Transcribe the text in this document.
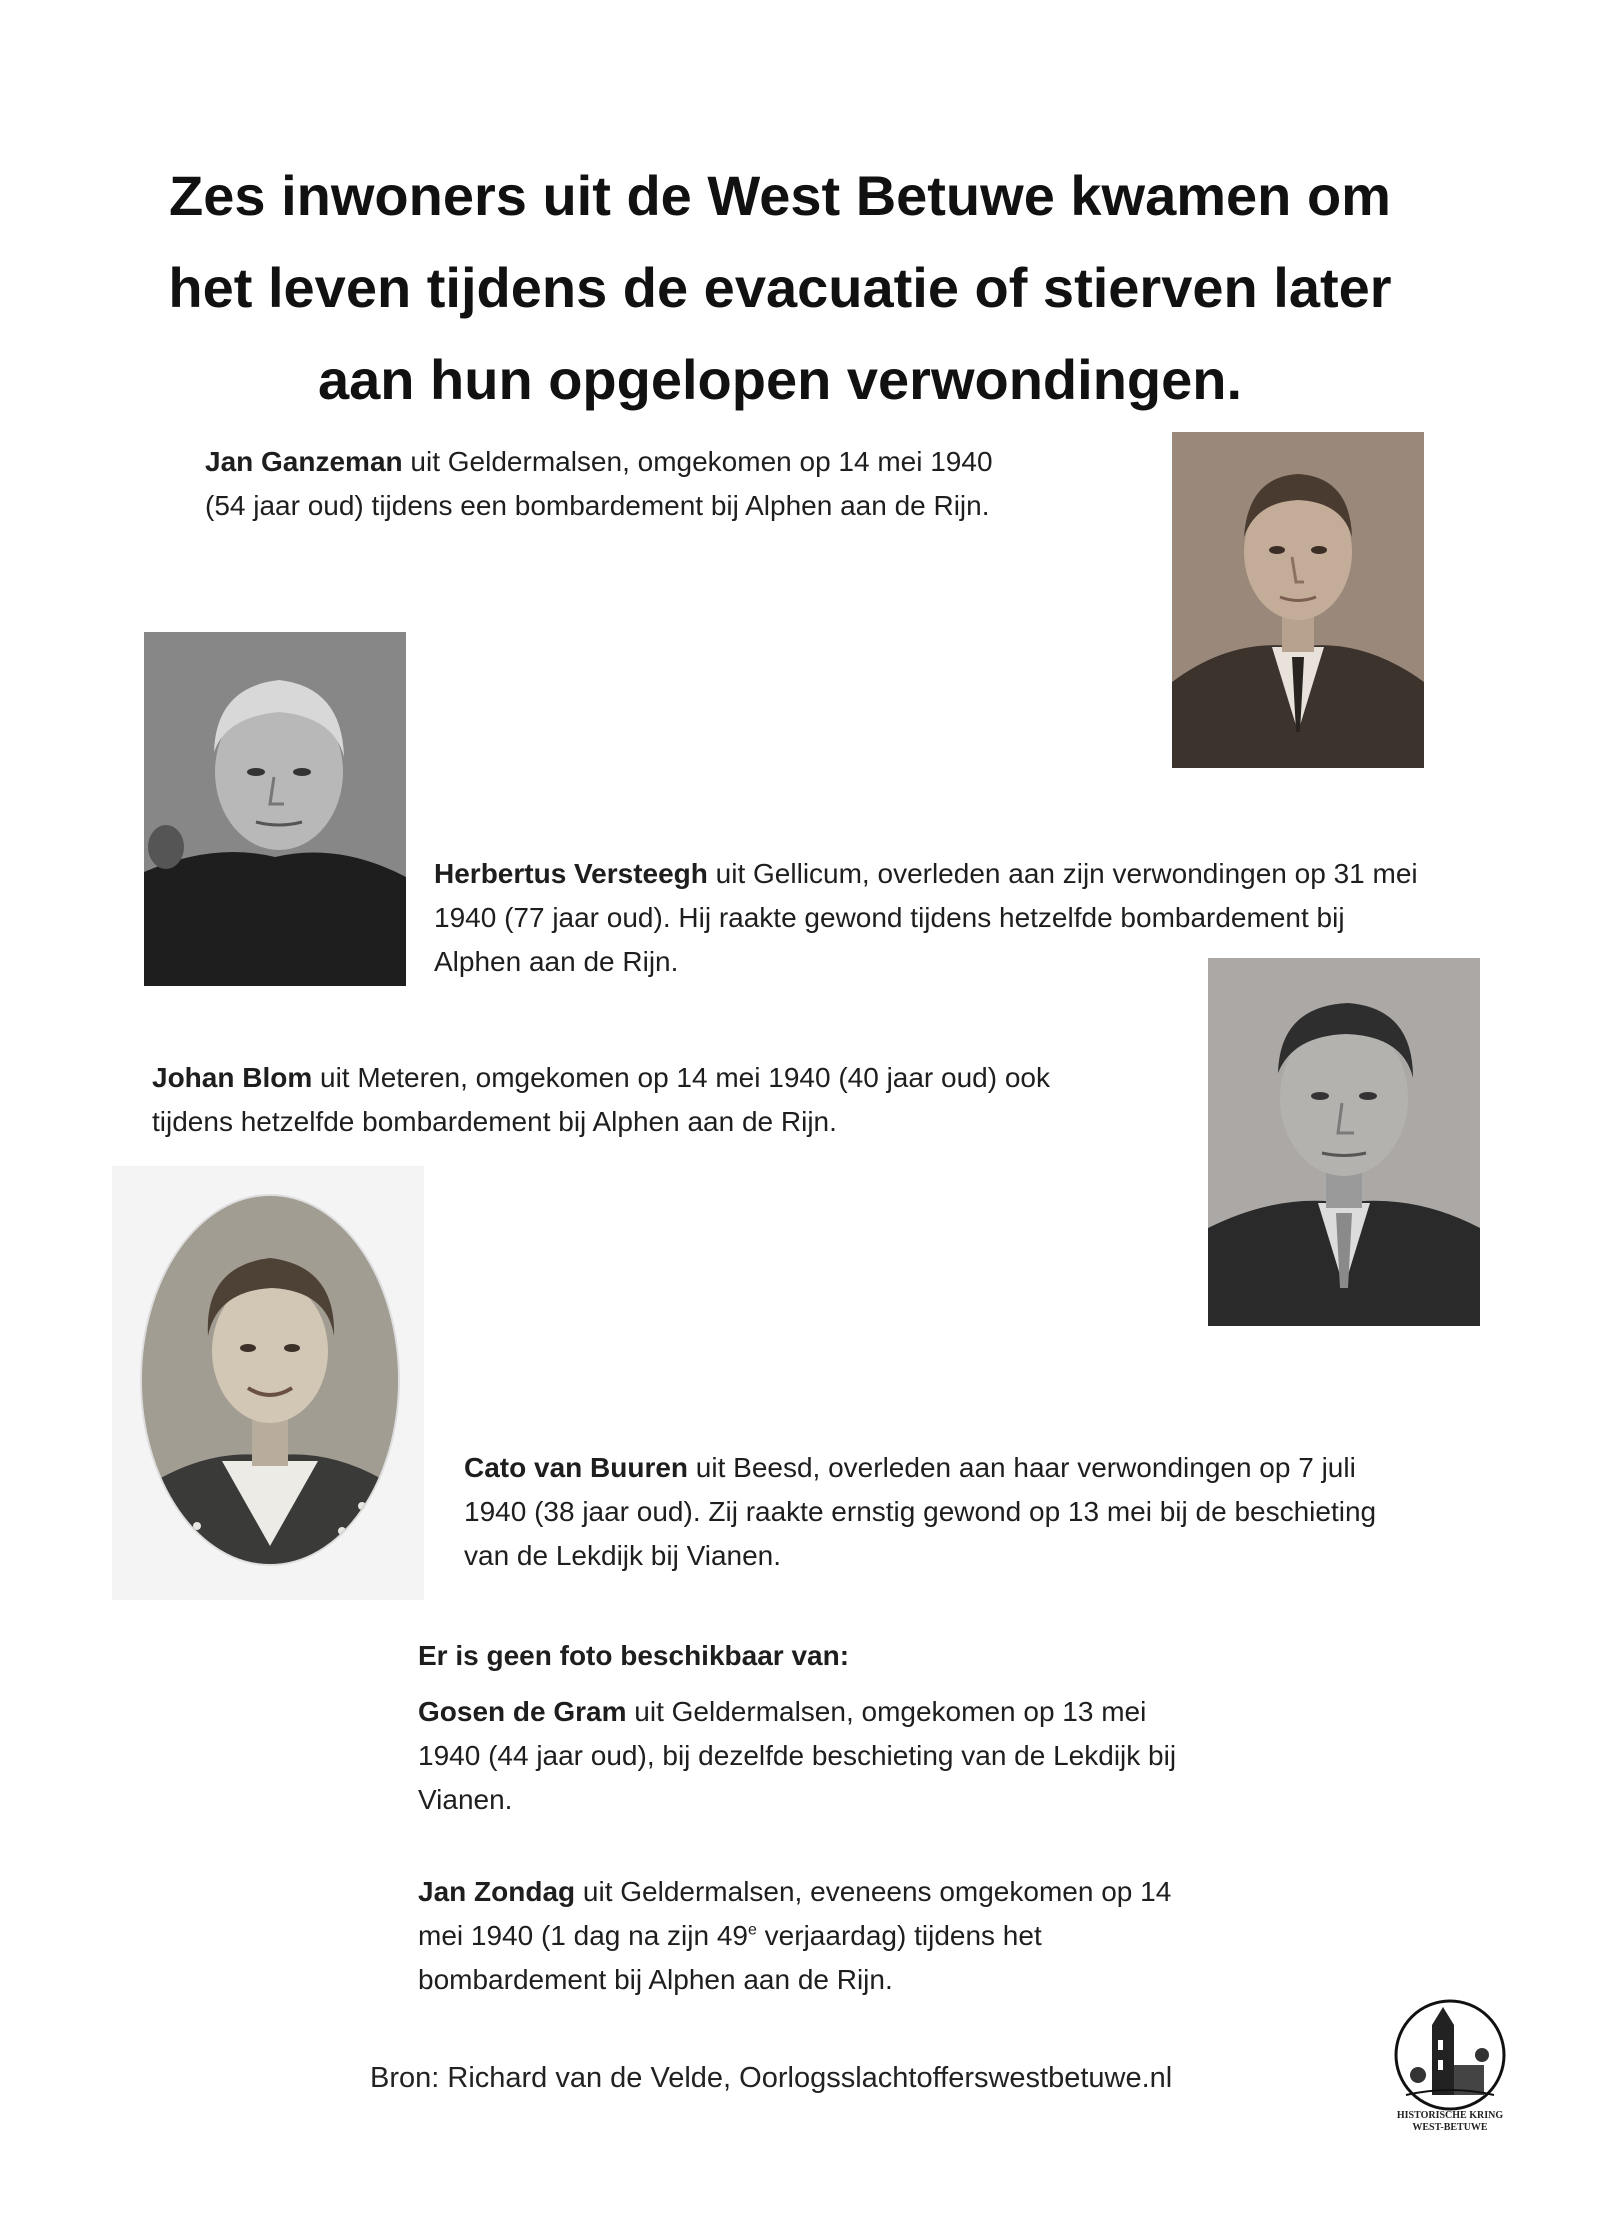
Zes inwoners uit de West Betuwe kwamen om
het leven tijdens de evacuatie of stierven later
aan hun opgelopen verwondingen.
Jan Ganzeman uit Geldermalsen, omgekomen op 14 mei 1940
(54 jaar oud) tijdens een bombardement bij Alphen aan de Rijn.
Herbertus Versteegh uit Gellicum, overleden aan zijn verwondingen op 31 mei
1940 (77 jaar oud). Hij raakte gewond tijdens hetzelfde bombardement bij
Alphen aan de Rijn.
Johan Blom uit Meteren, omgekomen op 14 mei 1940 (40 jaar oud) ook
tijdens hetzelfde bombardement bij Alphen aan de Rijn.
Cato van Buuren uit Beesd, overleden aan haar verwondingen op 7 juli
1940 (38 jaar oud). Zij raakte ernstig gewond op 13 mei bij de beschieting
van de Lekdijk bij Vianen.
Er is geen foto beschikbaar van:
Gosen de Gram uit Geldermalsen, omgekomen op 13 mei
1940 (44 jaar oud), bij dezelfde beschieting van de Lekdijk bij
Vianen.
Jan Zondag uit Geldermalsen, eveneens omgekomen op 14
mei 1940 (1 dag na zijn 49e verjaardag) tijdens het
bombardement bij Alphen aan de Rijn.
HISTORISCHE KRING
WEST-BETUWE
Bron: Richard van de Velde, Oorlogsslachtofferswestbetuwe.nl
